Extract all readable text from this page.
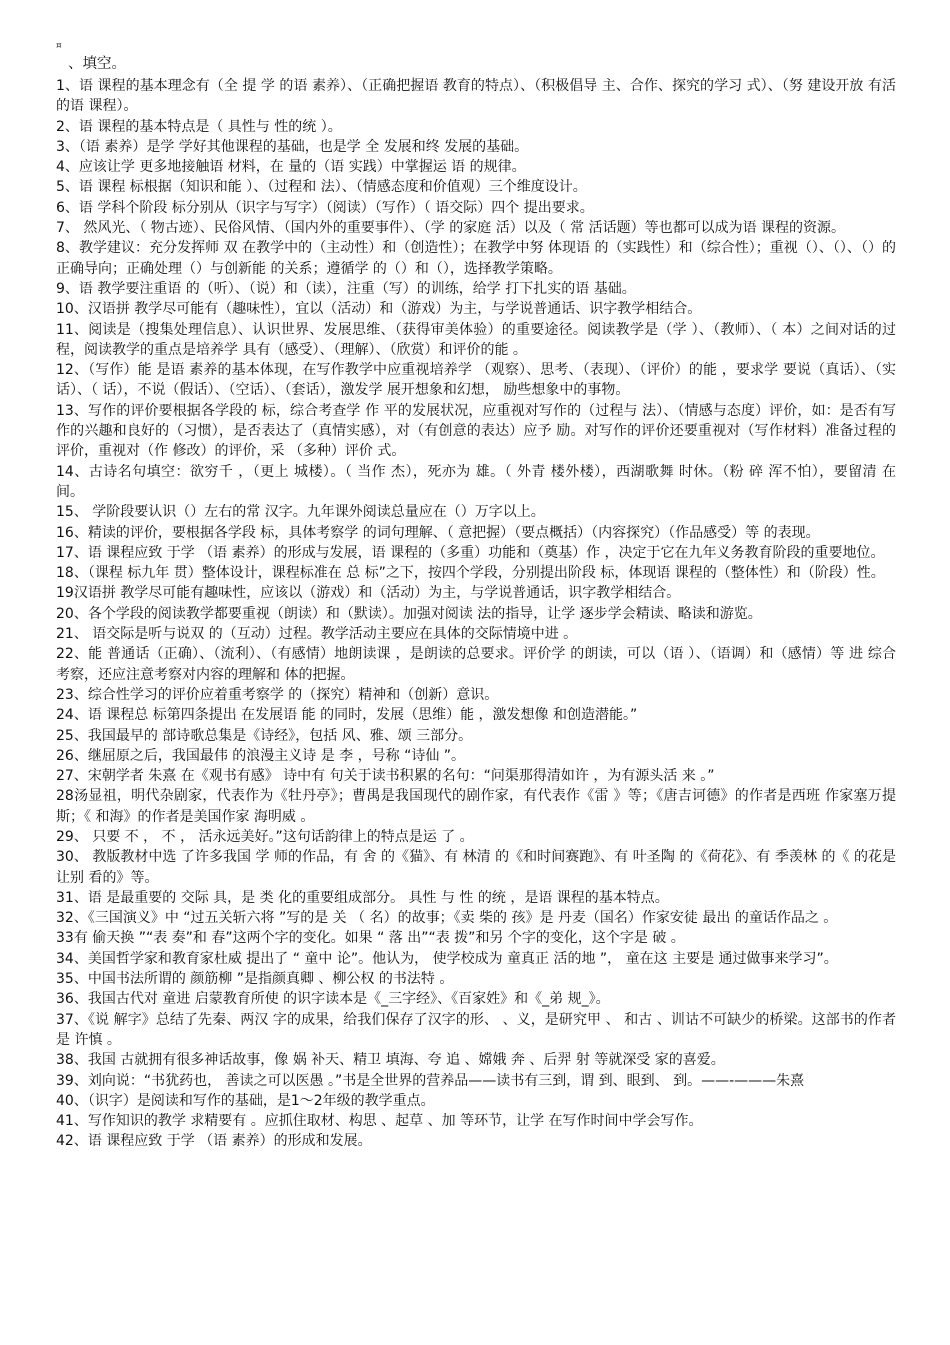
¤
、填空。
1、语 课程的基本理念有（全 提 学 的语 素养）、（正确把握语 教育的特点）、（积极倡导 主、合作、探究的学习 式）、（努 建设开放 有活 的语 课程）。
2、语 课程的基本特点是（ 具性与 性的统 ）。
3、（语 素养）是学 学好其他课程的基础，也是学 全 发展和终 发展的基础。
4、应该让学 更多地接触语 材料，在 量的（语 实践）中掌握运 语 的规律。
5、语 课程 标根据（知识和能 ）、（过程和 法）、（情感态度和价值观）三个维度设计。
6、语 学科个阶段 标分别从（识字与写字）（阅读）（写作）（ 语交际）四个 提出要求。
7、 然风光、（ 物古迹）、民俗风情、（国内外的重要事件）、（学 的家庭 活）以及（ 常 活话题）等也都可以成为语 课程的资源。
8、教学建议：充分发挥师 双 在教学中的（主动性）和（创造性）；在教学中努 体现语 的（实践性）和（综合性）；重视（）、（）、（）的正确导向；正确处理（）与创新能 的关系；遵循学 的（）和（），选择教学策略。
9、语 教学要注重语 的（听）、（说）和（读），注重（写）的训练，给学 打下扎实的语 基础。
10、汉语拼 教学尽可能有（趣味性），宜以（活动）和（游戏）为主，与学说普通话、识字教学相结合。
11、阅读是（搜集处理信息）、认识世界、发展思维、（获得审美体验）的重要途径。阅读教学是（学 ）、（教师）、（ 本）之间对话的过程，阅读教学的重点是培养学 具有（感受）、（理解）、（欣赏）和评价的能 。
12、（写作）能 是语 素养的基本体现，在写作教学中应重视培养学 （观察）、思考、（表现）、（评价）的能 ，要求学 要说（真话）、（实话）、（ 话），不说（假话）、（空话）、（套话），激发学 展开想象和幻想， 励些想象中的事物。
13、写作的评价要根据各学段的 标，综合考查学 作 平的发展状况，应重视对写作的（过程与 法）、（情感与态度）评价，如：是否有写作的兴趣和良好的（习惯），是否表达了（真情实感），对（有创意的表达）应予 励。对写作的评价还要重视对（写作材料）准备过程的评价，重视对（作 修改）的评价，采 （多种）评价 式。
14、古诗名句填空：欲穷千 ，（更上 城楼）。（ 当作 杰），死亦为 雄。（ 外青 楼外楼），西湖歌舞 时休。（粉 碎 浑不怕），要留清 在 间。
15、 学阶段要认识（）左右的常 汉字。九年课外阅读总量应在（）万字以上。
16、精读的评价，要根据各学段 标，具体考察学 的词句理解、（ 意把握）（要点概括）（内容探究）（作品感受）等 的表现。
17、语 课程应致 于学 （语 素养）的形成与发展，语 课程的（多重）功能和（奠基）作 ，决定于它在九年义务教育阶段的重要地位。
18、（课程 标九年 贯）整体设计，课程标准在 总 标”之下，按四个学段，分别提出阶段 标，体现语 课程的（整体性）和（阶段）性。
19汉语拼 教学尽可能有趣味性，应该以（游戏）和（活动）为主，与学说普通话，识字教学相结合。
20、各个学段的阅读教学都要重视（朗读）和（默读）。加强对阅读 法的指导，让学 逐步学会精读、略读和游览。
21、 语交际是听与说双 的（互动）过程。教学活动主要应在具体的交际情境中进 。
22、能 普通话（正确）、（流利）、（有感情）地朗读课 ，是朗读的总要求。评价学 的朗读，可以（语 ）、（语调）和（感情）等 进 综合考察，还应注意考察对内容的理解和 体的把握。
23、综合性学习的评价应着重考察学 的（探究）精神和（创新）意识。
24、语 课程总 标第四条提出 在发展语 能 的同时，发展（思维）能 ，激发想像 和创造潜能。”
25、我国最早的 部诗歌总集是《诗经》，包括 风、雅、颂 三部分。
26、继屈原之后，我国最伟 的浪漫主义诗 是 李 ，号称 “诗仙 ”。
27、宋朝学者 朱熹 在《观书有感》 诗中有 句关于读书积累的名句：“问渠那得清如许 ，为有源头活 来 。”
28汤显祖，明代杂剧家，代表作为《牡丹亭》；曹禺是我国现代的剧作家，有代表作《雷 》等；《唐吉诃德》的作者是西班 作家塞万提斯；《 和海》的作者是美国作家 海明威 。
29、 只要 不 ， 不 ， 活永远美好。”这句话韵律上的特点是运 了 。
30、 教版教材中选 了许多我国 学 师的作品，有 舍 的《猫》、有 林清 的《和时间赛跑》、有 叶圣陶 的《荷花》、有 季羡林 的《 的花是让别 看的》等。
31、语 是最重要的 交际 具，是 类 化的重要组成部分。 具性 与 性 的统 ，是语 课程的基本特点。
32、《三国演义》中 “过五关斩六将 ”写的是 关 （ 名）的故事；《卖 柴的 孩》是 丹麦（国名）作家安徒 最出 的童话作品之 。
33有 偷天换 ”“表 奏”和 春”这两个字的变化。如果 “ 落 出”“表 拨”和另 个字的变化，这个字是 破 。
34、美国哲学家和教育家杜威 提出了 “ 童中 论”。他认为， 使学校成为 童真正 活的地 ”， 童在这 主要是 通过做事来学习”。
35、中国书法所谓的 颜筋柳 ”是指颜真卿 、柳公权 的书法特 。
36、我国古代对 童进 启蒙教育所使 的识字读本是《_三字经》、《百家姓》和《_弟 规_》。
37、《说 解字》总结了先秦、两汉 字的成果，给我们保存了汉字的形、 、义，是研究甲 、 和古 、训诂不可缺少的桥梁。这部书的作者是 许慎 。
38、我国 古就拥有很多神话故事，像 娲 补天、精卫 填海、夸 追 、嫦娥 奔 、后羿 射 等就深受 家的喜爱。
39、刘向说：“书犹药也， 善读之可以医愚 。”书是全世界的营养品——读书有三到，谓 到、眼到、 到。——-———朱熹
40、（识字）是阅读和写作的基础，是1～2年级的教学重点。
41、写作知识的教学 求精要有 。应抓住取材、构思 、起草 、加 等环节，让学 在写作时间中学会写作。
42、语 课程应致 于学 （语 素养）的形成和发展。
